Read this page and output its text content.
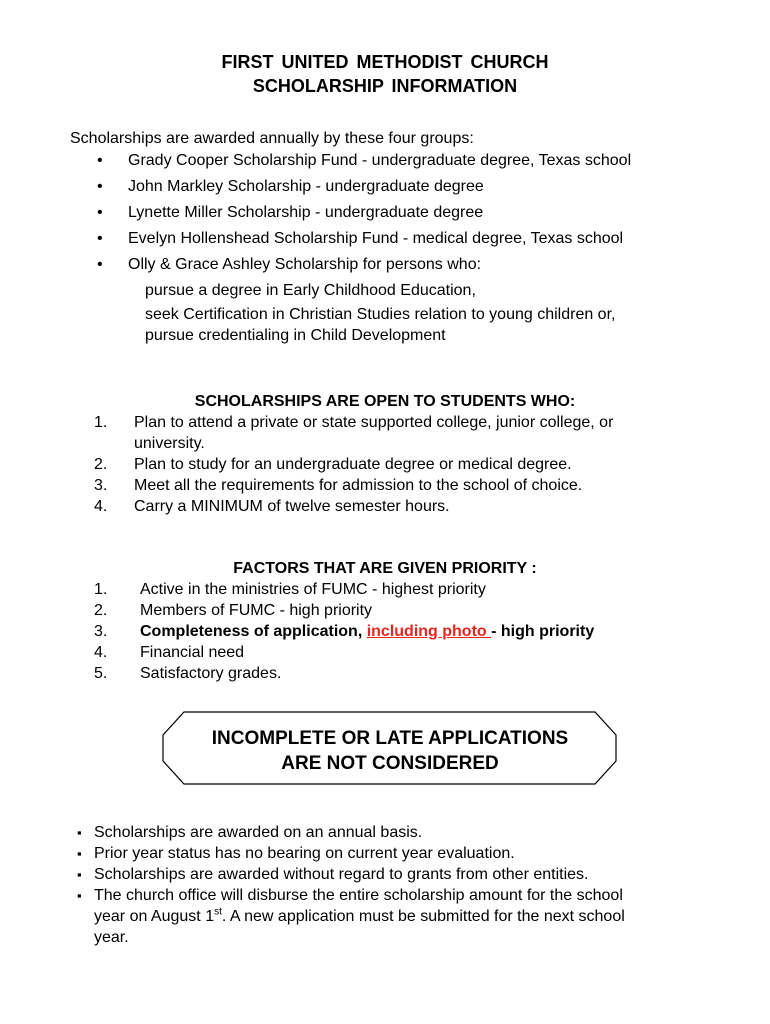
FIRST UNITED METHODIST CHURCH
SCHOLARSHIP INFORMATION
Scholarships are awarded annually by these four groups:
• Grady Cooper Scholarship Fund - undergraduate degree, Texas school
• John Markley Scholarship - undergraduate degree
• Lynette Miller Scholarship - undergraduate degree
• Evelyn Hollenshead Scholarship Fund - medical degree, Texas school
• Olly & Grace Ashley Scholarship for persons who:
pursue a degree in Early Childhood Education,
seek Certification in Christian Studies relation to young children or,
pursue credentialing in Child Development
SCHOLARSHIPS ARE OPEN TO STUDENTS WHO:
1.	Plan to attend a private or state supported college, junior college, or
university.
2.	Plan to study for an undergraduate degree or medical degree.
3.	Meet all the requirements for admission to the school of choice.
4.	Carry a MINIMUM of twelve semester hours.
FACTORS THAT ARE GIVEN PRIORITY :
1.	Active in the ministries of FUMC - highest priority
2.	Members of FUMC - high priority
3.	Completeness of application, including photo - high priority
4.	Financial need
5.	Satisfactory grades.
INCOMPLETE OR LATE APPLICATIONS
ARE NOT CONSIDERED
▪ Scholarships are awarded on an annual basis.
▪ Prior year status has no bearing on current year evaluation.
▪ Scholarships are awarded without regard to grants from other entities.
▪ The church office will disburse the entire scholarship amount for the school
year on August 1st. A new application must be submitted for the next school
year.
